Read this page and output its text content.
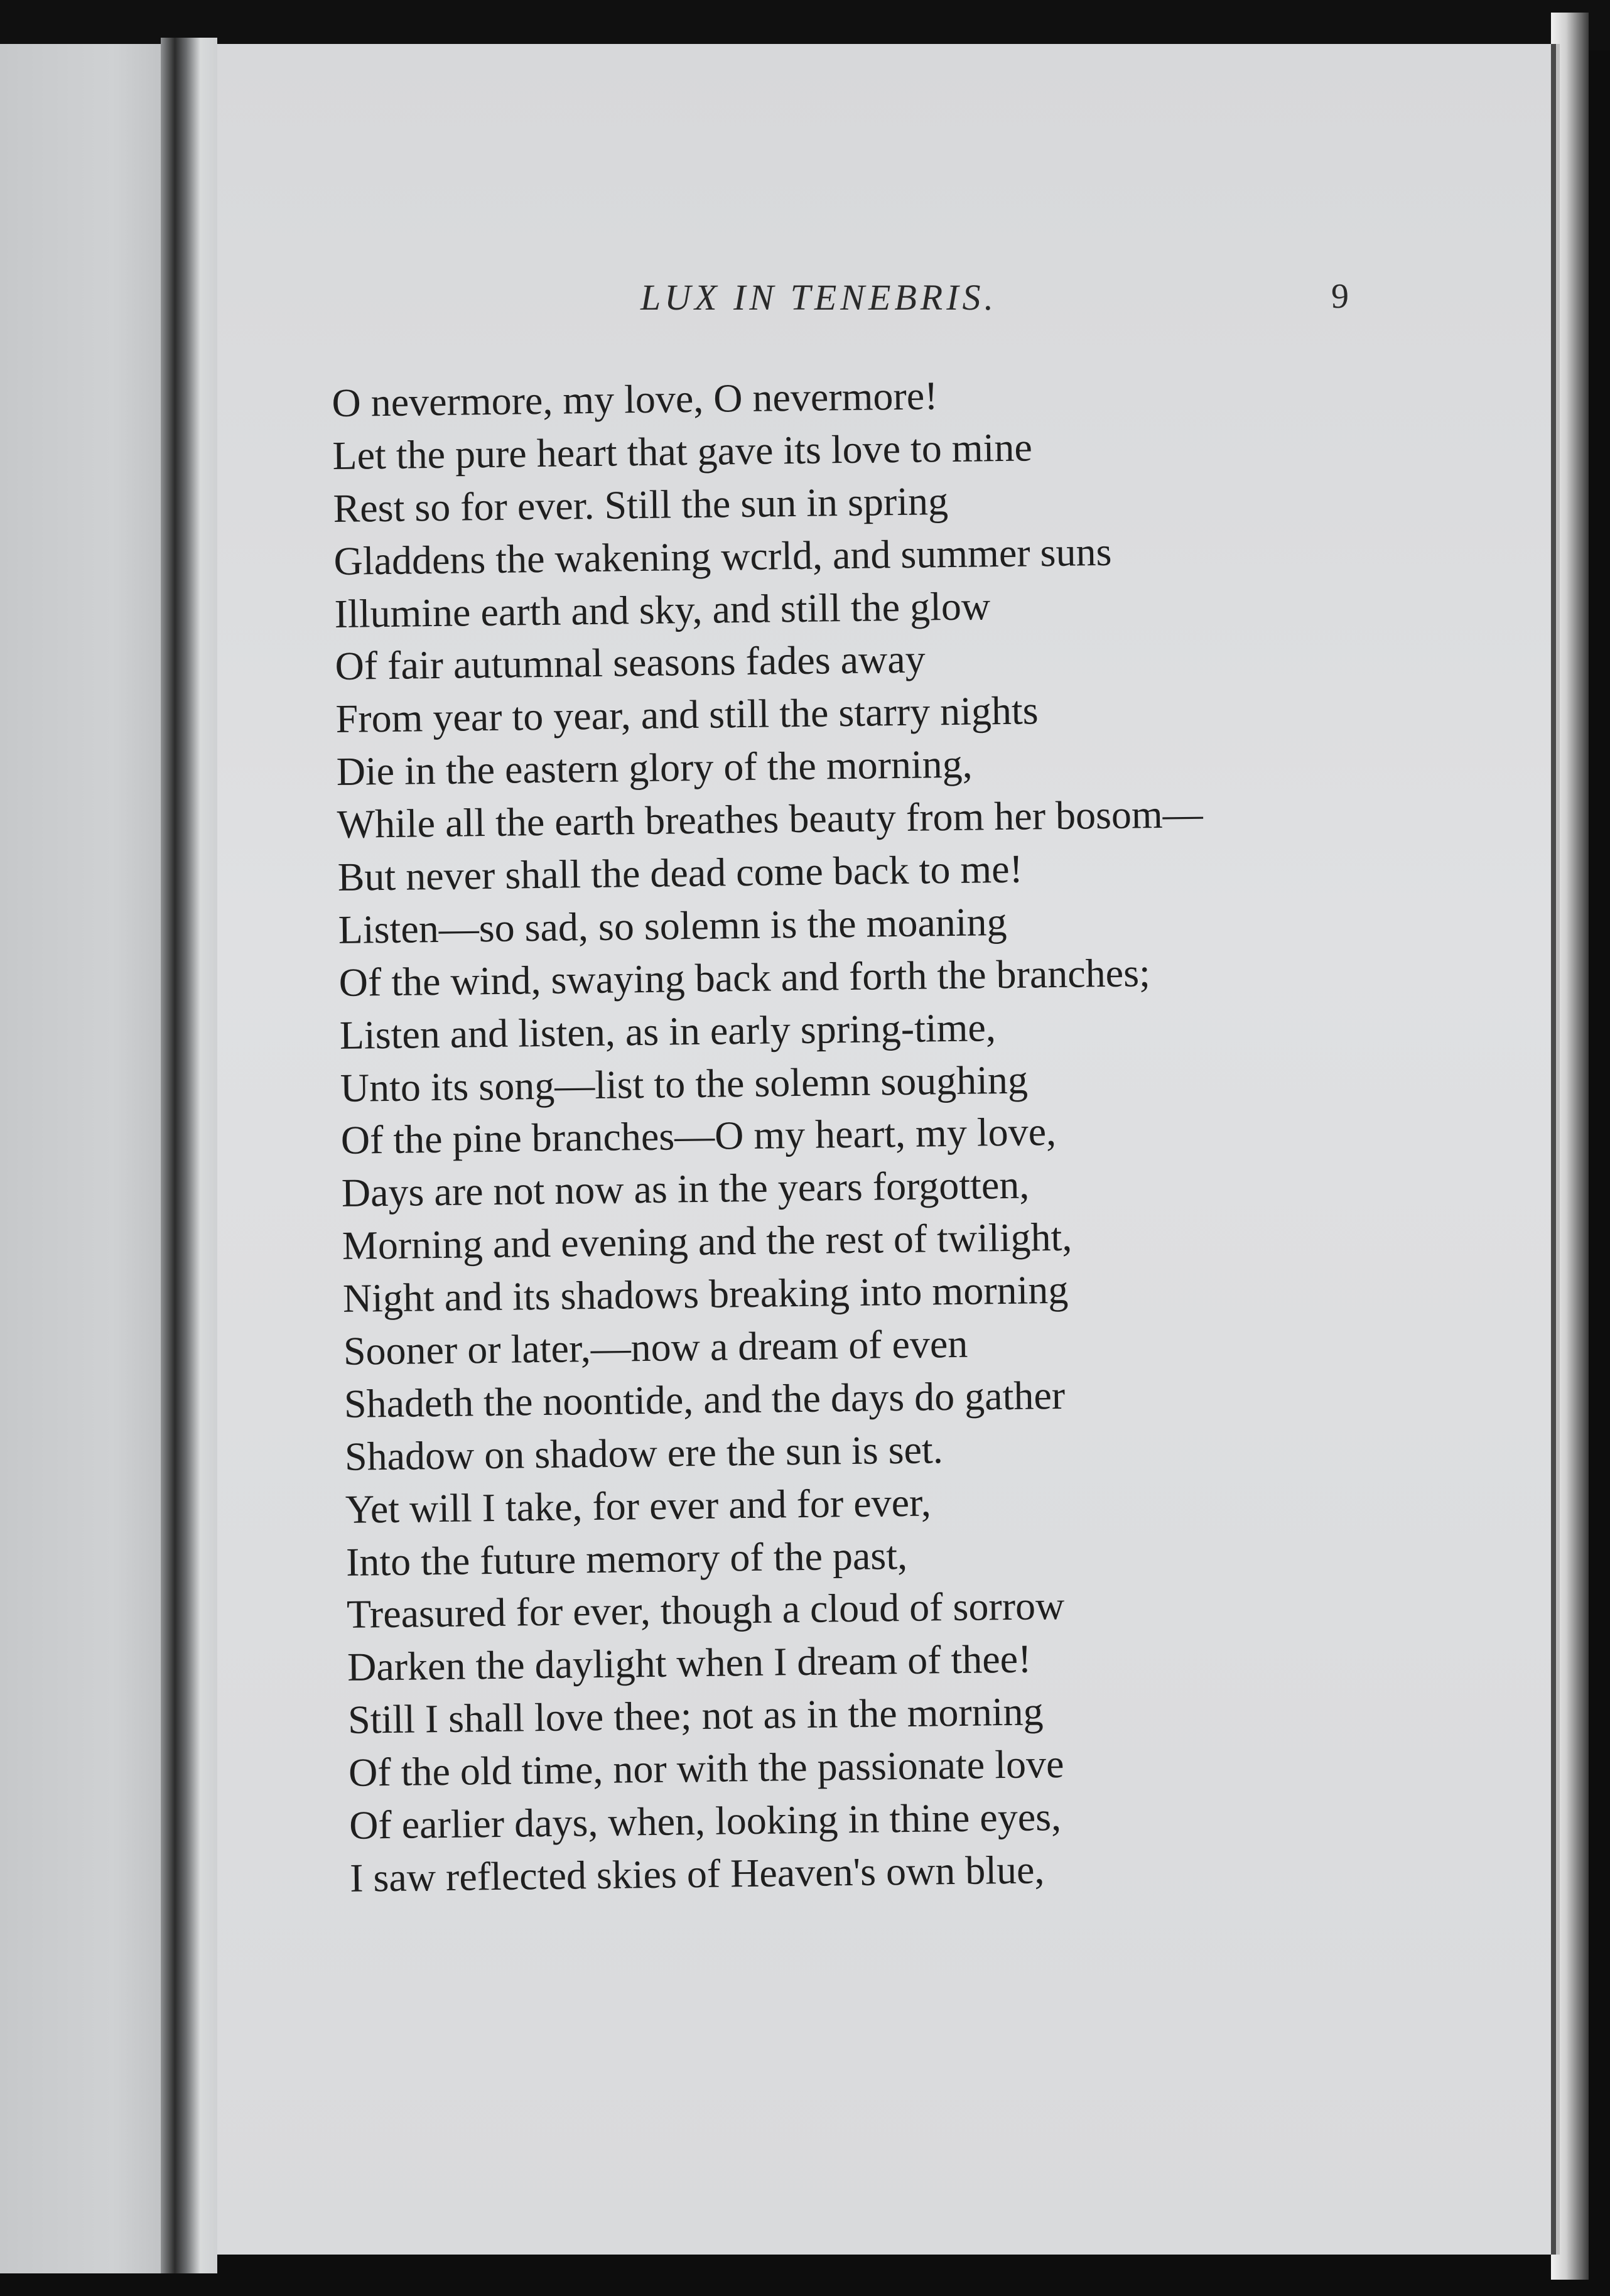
LUX IN TENEBRIS.	9
O nevermore, my love, O nevermore!
Let the pure heart that gave its love to mine
Rest so for ever. Still the sun in spring
Gladdens the wakening wcrld, and summer suns
Illumine earth and sky, and still the glow
Of fair autumnal seasons fades away
From year to year, and still the starry nights
Die in the eastern glory of the morning,
While all the earth breathes beauty from her bosom—
But never shall the dead come back to me!
Listen—so sad, so solemn is the moaning
Of the wind, swaying back and forth the branches;
Listen and listen, as in early spring-time,
Unto its song—list to the solemn soughing
Of the pine branches—O my heart, my love,
Days are not now as in the years forgotten,
Morning and evening and the rest of twilight,
Night and its shadows breaking into morning
Sooner or later,—now a dream of even
Shadeth the noontide, and the days do gather
Shadow on shadow ere the sun is set.
Yet will I take, for ever and for ever,
Into the future memory of the past,
Treasured for ever, though a cloud of sorrow
Darken the daylight when I dream of thee!
Still I shall love thee; not as in the morning
Of the old time, nor with the passionate love
Of earlier days, when, looking in thine eyes,
I saw reflected skies of Heaven's own blue,
